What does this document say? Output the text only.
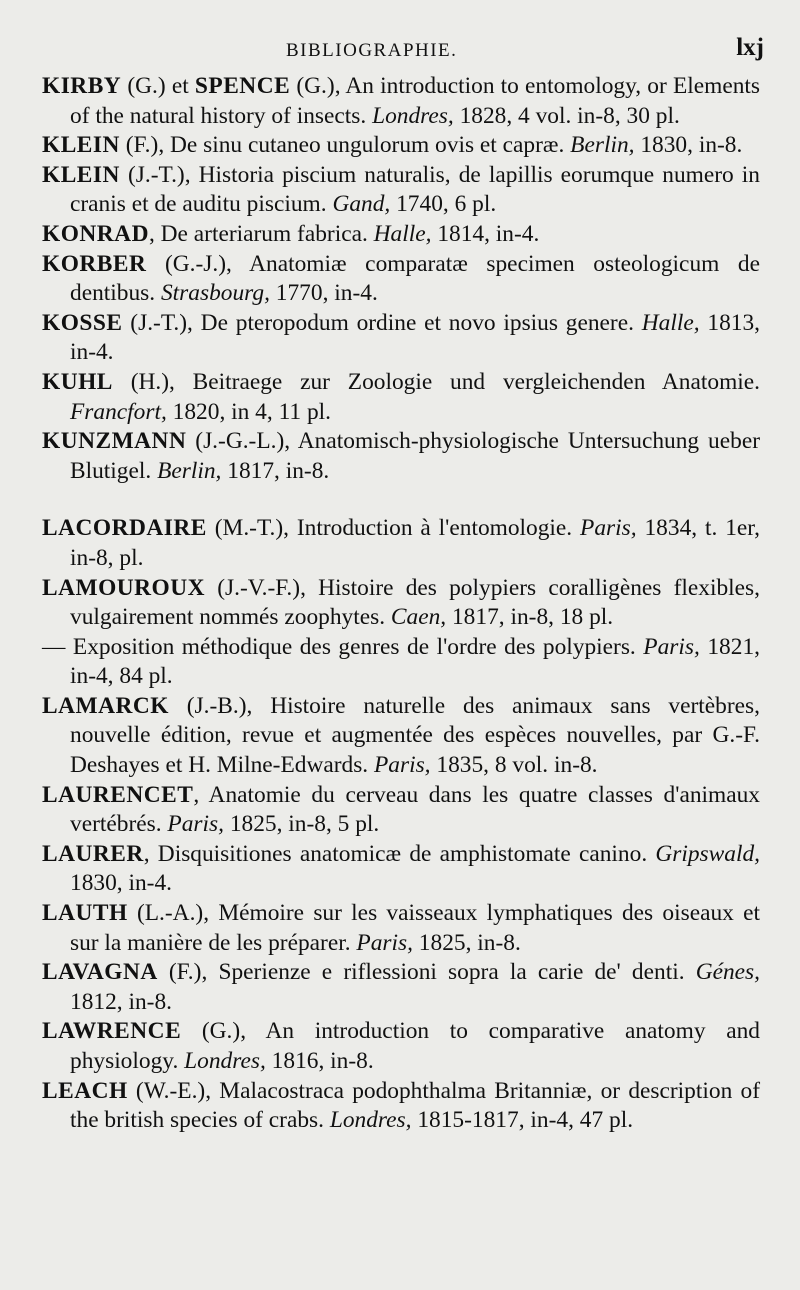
BIBLIOGRAPHIE.	lxj

KIRBY (G.) et SPENCE (G.), An introduction to entomology, or Elements of the natural history of insects. Londres, 1828, 4 vol. in-8, 30 pl.

KLEIN (F.), De sinu cutaneo ungulorum ovis et capræ. Berlin, 1830, in-8.

KLEIN (J.-T.), Historia piscium naturalis, de lapillis eorumque numero in cranis et de auditu piscium. Gand, 1740, 6 pl.

KONRAD, De arteriarum fabrica. Halle, 1814, in-4.

KORBER (G.-J.), Anatomiæ comparatæ specimen osteologicum de dentibus. Strasbourg, 1770, in-4.

KOSSE (J.-T.), De pteropodum ordine et novo ipsius genere. Halle, 1813, in-4.

KUHL (H.), Beitraege zur Zoologie und vergleichenden Anatomie. Francfort, 1820, in 4, 11 pl.

KUNZMANN (J.-G.-L.), Anatomisch-physiologische Untersuchung ueber Blutigel. Berlin, 1817, in-8.

LACORDAIRE (M.-T.), Introduction à l'entomologie. Paris, 1834, t. 1er, in-8, pl.

LAMOUROUX (J.-V.-F.), Histoire des polypiers coralligènes flexibles, vulgairement nommés zoophytes. Caen, 1817, in-8, 18 pl.

— Exposition méthodique des genres de l'ordre des polypiers. Paris, 1821, in-4, 84 pl.

LAMARCK (J.-B.), Histoire naturelle des animaux sans vertèbres, nouvelle édition, revue et augmentée des espèces nouvelles, par G.-F. Deshayes et H. Milne-Edwards. Paris, 1835, 8 vol. in-8.

LAURENCET, Anatomie du cerveau dans les quatre classes d'animaux vertébrés. Paris, 1825, in-8, 5 pl.

LAURER, Disquisitiones anatomicæ de amphistomate canino. Gripswald, 1830, in-4.

LAUTH (L.-A.), Mémoire sur les vaisseaux lymphatiques des oiseaux et sur la manière de les préparer. Paris, 1825, in-8.

LAVAGNA (F.), Sperienze e riflessioni sopra la carie de' denti. Génes, 1812, in-8.

LAWRENCE (G.), An introduction to comparative anatomy and physiology. Londres, 1816, in-8.

LEACH (W.-E.), Malacostraca podophthalma Britanniæ, or description of the british species of crabs. Londres, 1815-1817, in-4, 47 pl.
